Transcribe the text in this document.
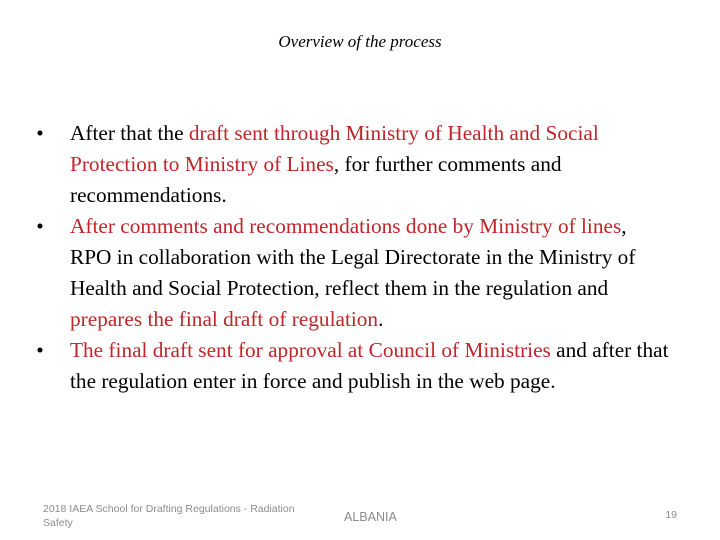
Overview of the process
• After that the draft sent through Ministry of Health and Social Protection to Ministry of Lines, for further comments and recommendations.
• After comments and recommendations done by Ministry of lines, RPO in collaboration with the Legal Directorate in the Ministry of Health and Social Protection, reflect them in the regulation and prepares the final draft of regulation.
• The final draft sent for approval at Council of Ministries and after that the regulation enter in force and publish in the web page.
2018 IAEA School for Drafting Regulations - Radiation Safety	ALBANIA	19
